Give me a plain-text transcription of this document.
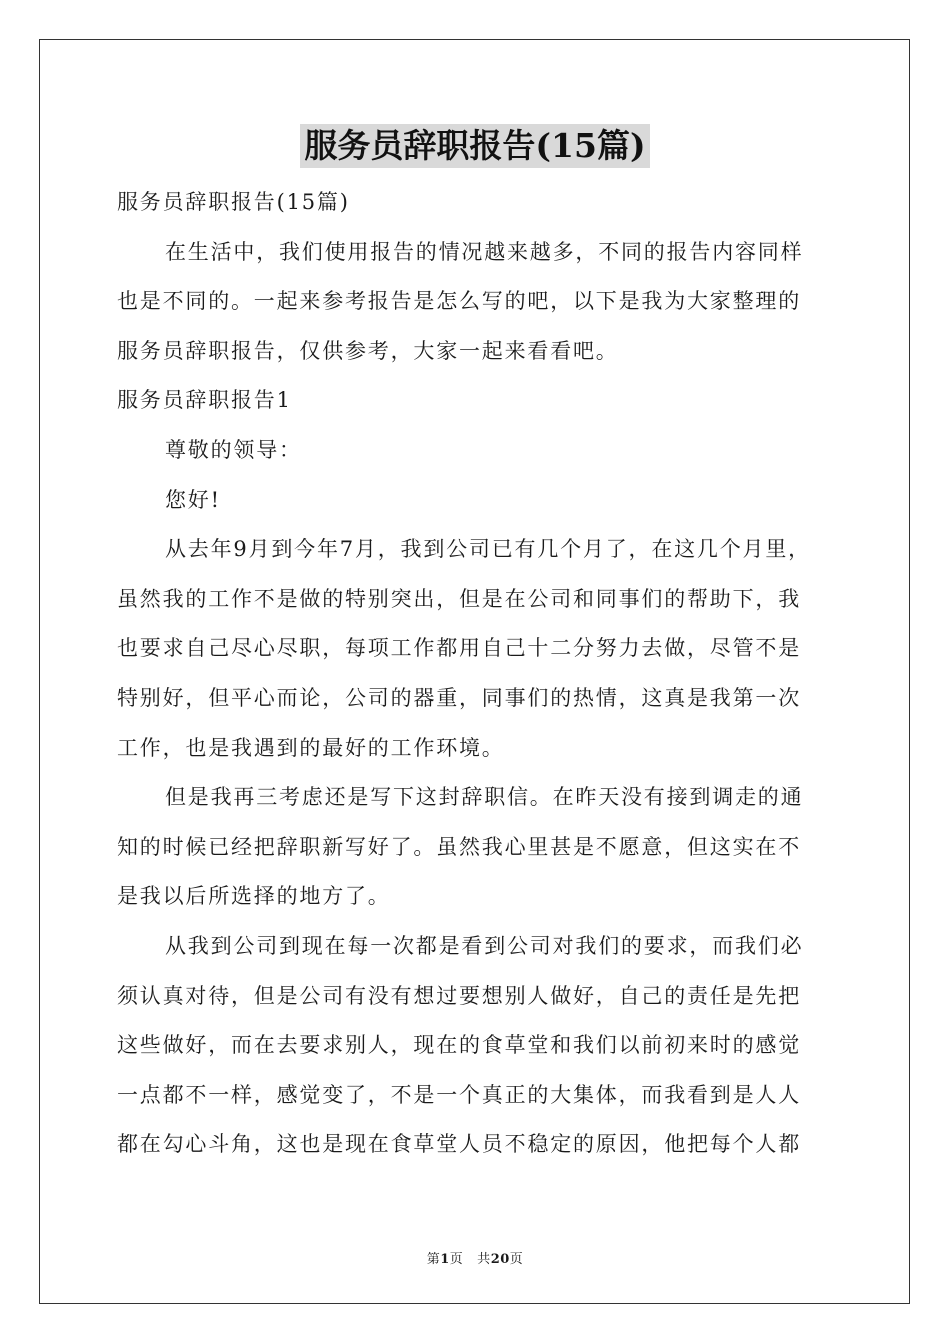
服务员辞职报告(15篇)

服务员辞职报告(15篇)

在生活中，我们使用报告的情况越来越多，不同的报告内容同样

也是不同的。一起来参考报告是怎么写的吧，以下是我为大家整理的

服务员辞职报告，仅供参考，大家一起来看看吧。

服务员辞职报告1

尊敬的领导：

您好!

从去年9月到今年7月，我到公司已有几个月了，在这几个月里，

虽然我的工作不是做的特别突出，但是在公司和同事们的帮助下，我

也要求自己尽心尽职，每项工作都用自己十二分努力去做，尽管不是

特别好，但平心而论，公司的器重，同事们的热情，这真是我第一次

工作，也是我遇到的最好的工作环境。

但是我再三考虑还是写下这封辞职信。在昨天没有接到调走的通

知的时候已经把辞职新写好了。虽然我心里甚是不愿意，但这实在不

是我以后所选择的地方了。

从我到公司到现在每一次都是看到公司对我们的要求，而我们必

须认真对待，但是公司有没有想过要想别人做好，自己的责任是先把

这些做好，而在去要求别人，现在的食草堂和我们以前初来时的感觉

一点都不一样，感觉变了，不是一个真正的大集体，而我看到是人人

都在勾心斗角，这也是现在食草堂人员不稳定的原因，他把每个人都

第1页 共20页
